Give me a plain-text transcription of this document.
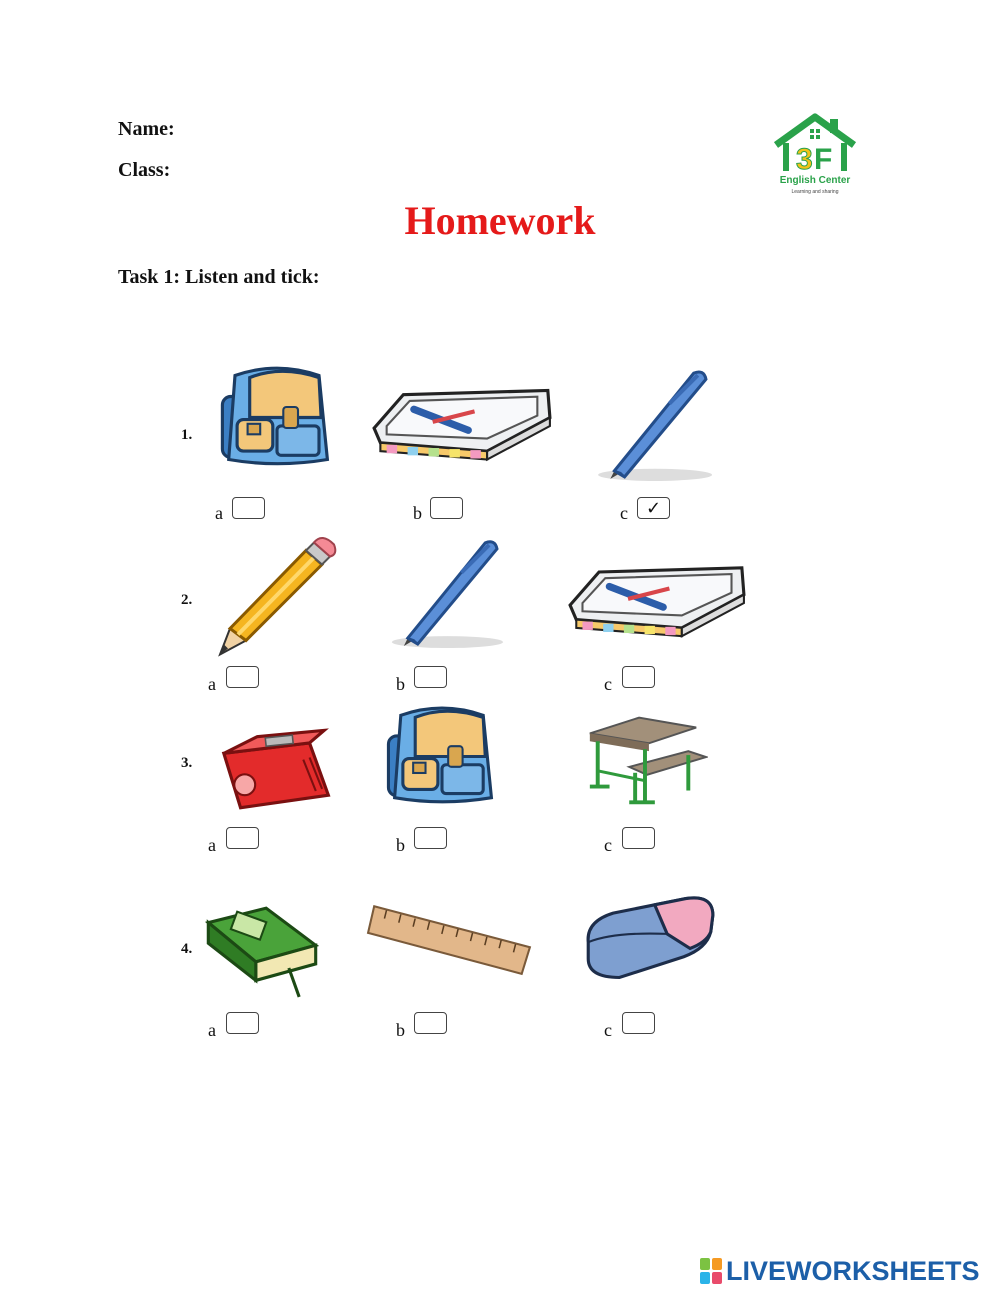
Name:
Class:	3 F
English Center
Learning and sharing
Homework
Task 1: Listen and tick:
1.
a	b	c ✓
2.
a	b	c
3.
a	b	c
4.
a	b	c
LIVEWORKSHEETS
